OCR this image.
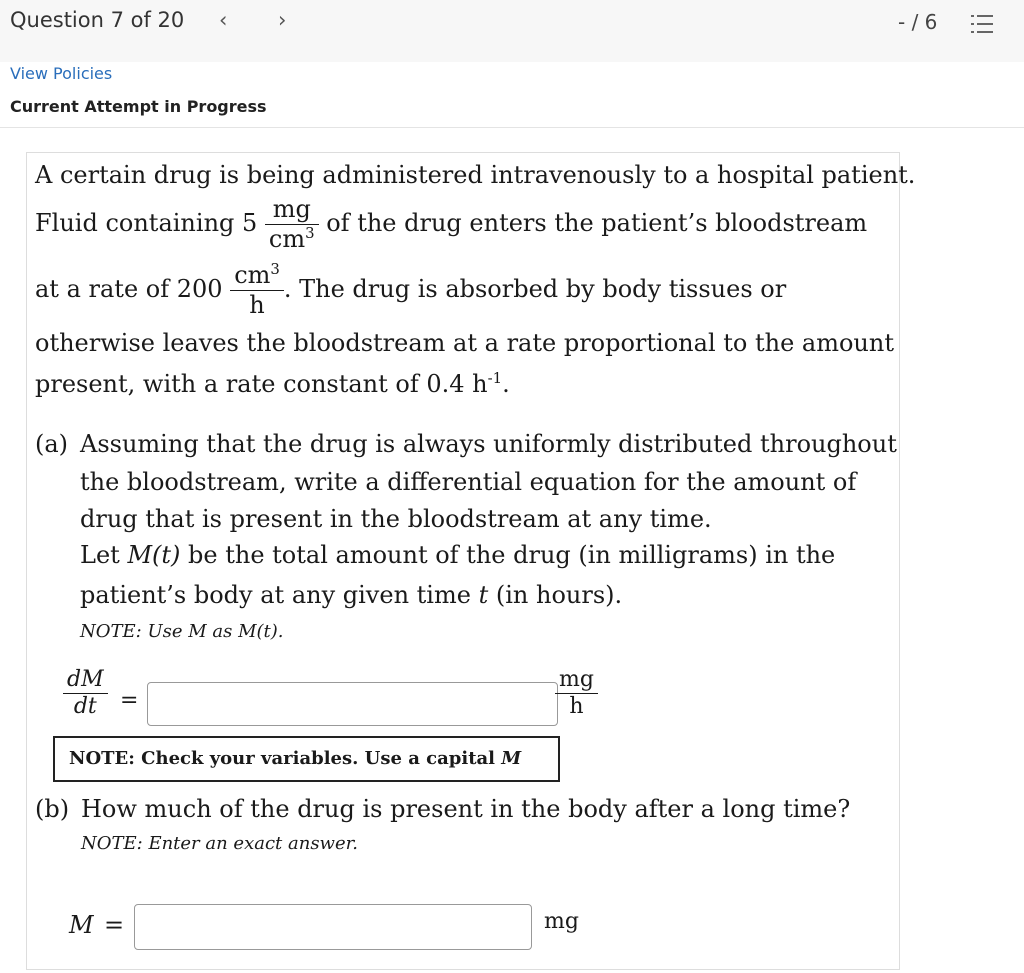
Question 7 of 20 ‹ ›	- / 6
View Policies
Current Attempt in Progress
A certain drug is being administered intravenously to a hospital patient.
Fluid containing $5 \frac{mg}{cm^3}$ of the drug enters the patient’s bloodstream
at a rate of $200 \frac{cm^3}{h}$ . The drug is absorbed by body tissues or
otherwise leaves the bloodstream at a rate proportional to the amount
present, with a rate constant of 0.4 $h^{-1}$.
(a) Assuming that the drug is always uniformly distributed throughout
the bloodstream, write a differential equation for the amount of
drug that is present in the bloodstream at any time.
Let M(t) be the total amount of the drug (in milligrams) in the
patient’s body at any given time t (in hours).
NOTE: Use M as M(t).
$\frac{dM}{dt}$ =	$\frac{mg}{h}$
NOTE: Check your variables. Use a capital M
(b) How much of the drug is present in the body after a long time?
NOTE: Enter an exact answer.
M =	mg
